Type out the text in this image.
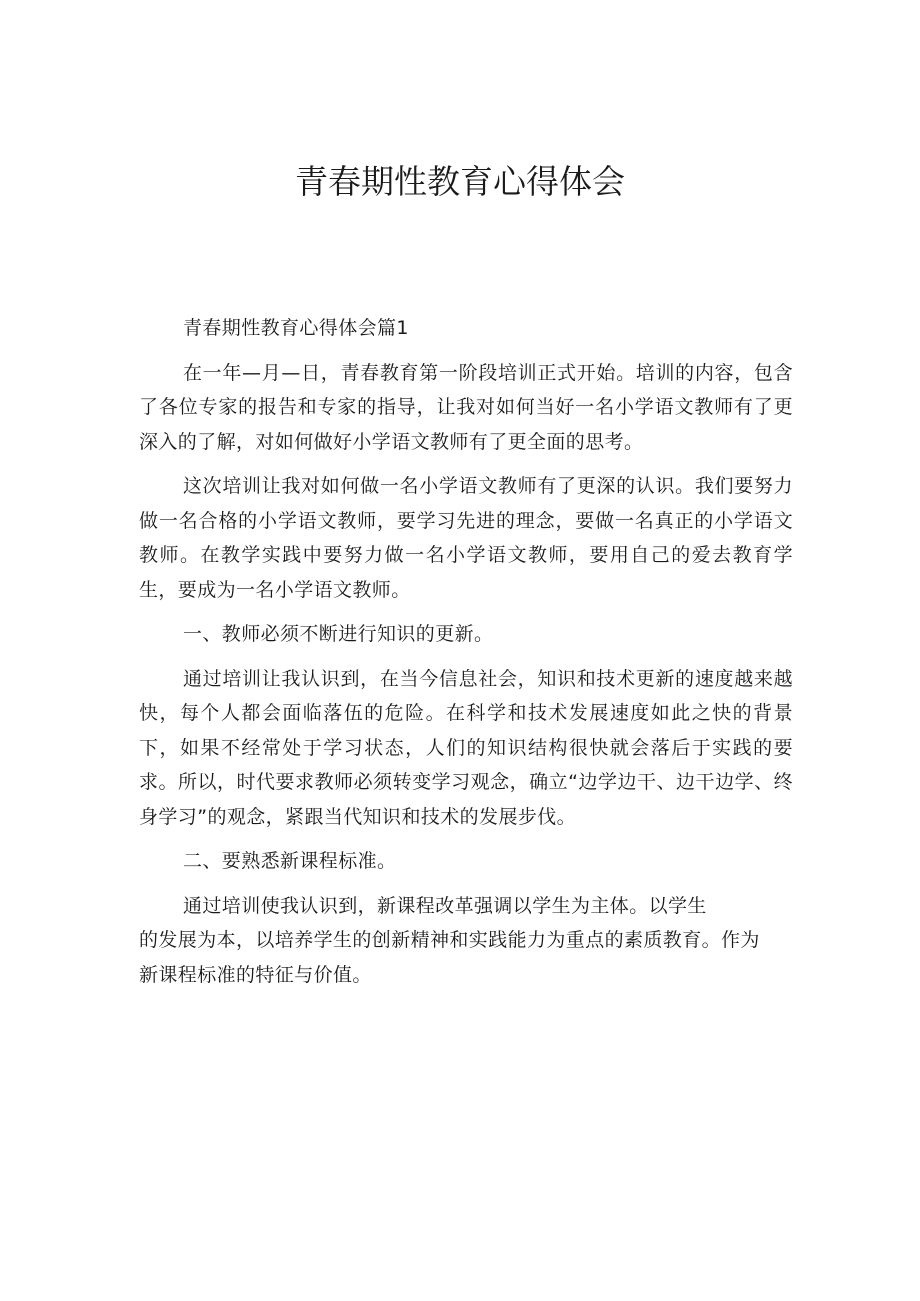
青春期性教育心得体会

青春期性教育心得体会篇1

在一年—月—日，青春教育第一阶段培训正式开始。培训的内容，包含了各位专家的报告和专家的指导，让我对如何当好一名小学语文教师有了更深入的了解，对如何做好小学语文教师有了更全面的思考。

这次培训让我对如何做一名小学语文教师有了更深的认识。我们要努力做一名合格的小学语文教师，要学习先进的理念，要做一名真正的小学语文教师。在教学实践中要努力做一名小学语文教师，要用自己的爱去教育学生，要成为一名小学语文教师。

一、教师必须不断进行知识的更新。

通过培训让我认识到，在当今信息社会，知识和技术更新的速度越来越快，每个人都会面临落伍的危险。在科学和技术发展速度如此之快的背景下，如果不经常处于学习状态，人们的知识结构很快就会落后于实践的要求。所以，时代要求教师必须转变学习观念，确立“边学边干、边干边学、终身学习”的观念，紧跟当代知识和技术的发展步伐。

二、要熟悉新课程标准。

通过培训使我认识到，新课程改革强调以学生为主体。以学生
的发展为本，以培养学生的创新精神和实践能力为重点的素质教育。作为
新课程标准的特征与价值。
